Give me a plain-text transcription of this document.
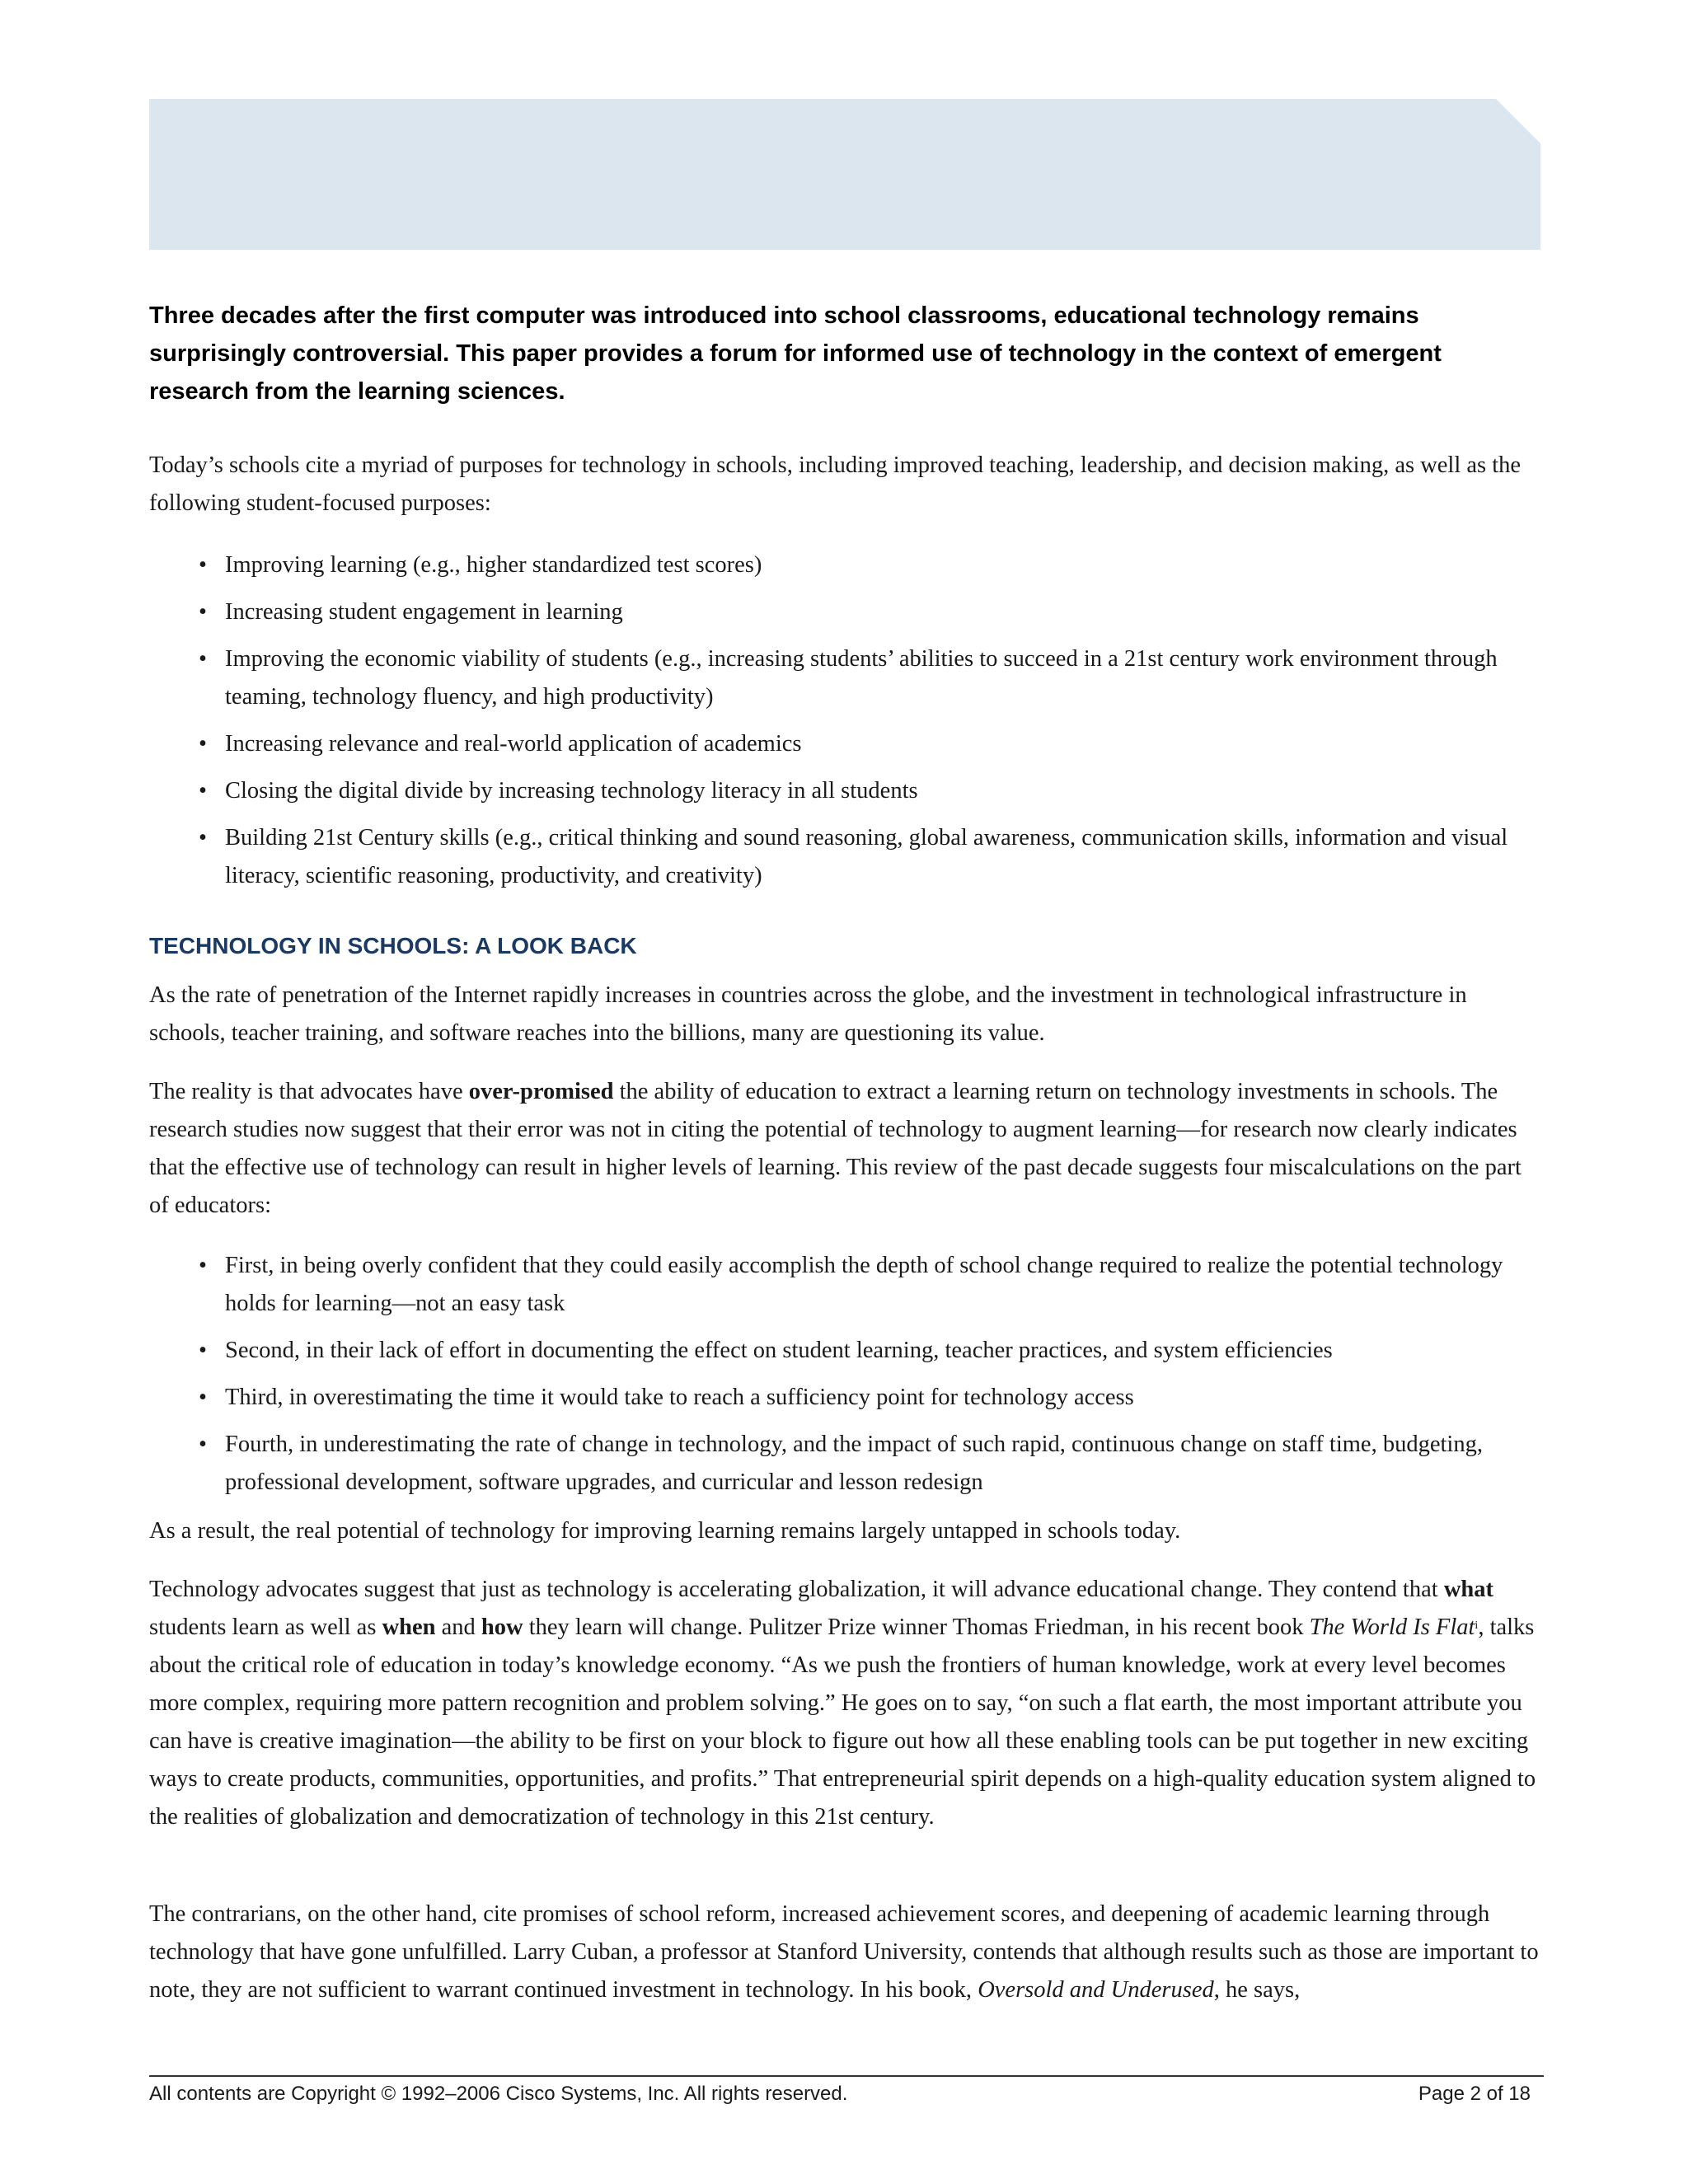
Three decades after the first computer was introduced into school classrooms, educational technology remains surprisingly controversial. This paper provides a forum for informed use of technology in the context of emergent research from the learning sciences.

Today’s schools cite a myriad of purposes for technology in schools, including improved teaching, leadership, and decision making, as well as the following student-focused purposes:

• Improving learning (e.g., higher standardized test scores)
• Increasing student engagement in learning
• Improving the economic viability of students (e.g., increasing students’ abilities to succeed in a 21st century work environment through teaming, technology fluency, and high productivity)
• Increasing relevance and real-world application of academics
• Closing the digital divide by increasing technology literacy in all students
• Building 21st Century skills (e.g., critical thinking and sound reasoning, global awareness, communication skills, information and visual literacy, scientific reasoning, productivity, and creativity)
TECHNOLOGY IN SCHOOLS: A LOOK BACK

As the rate of penetration of the Internet rapidly increases in countries across the globe, and the investment in technological infrastructure in schools, teacher training, and software reaches into the billions, many are questioning its value.

The reality is that advocates have over-promised the ability of education to extract a learning return on technology investments in schools. The research studies now suggest that their error was not in citing the potential of technology to augment learning—for research now clearly indicates that the effective use of technology can result in higher levels of learning. This review of the past decade suggests four miscalculations on the part of educators:

• First, in being overly confident that they could easily accomplish the depth of school change required to realize the potential technology holds for learning—not an easy task
• Second, in their lack of effort in documenting the effect on student learning, teacher practices, and system efficiencies
• Third, in overestimating the time it would take to reach a sufficiency point for technology access
• Fourth, in underestimating the rate of change in technology, and the impact of such rapid, continuous change on staff time, budgeting, professional development, software upgrades, and curricular and lesson redesign

As a result, the real potential of technology for improving learning remains largely untapped in schools today.

Technology advocates suggest that just as technology is accelerating globalization, it will advance educational change. They contend that what students learn as well as when and how they learn will change. Pulitzer Prize winner Thomas Friedman, in his recent book The World Is Flat$^i$, talks about the critical role of education in today’s knowledge economy. “As we push the frontiers of human knowledge, work at every level becomes more complex, requiring more pattern recognition and problem solving.” He goes on to say, “on such a flat earth, the most important attribute you can have is creative imagination—the ability to be first on your block to figure out how all these enabling tools can be put together in new exciting ways to create products, communities, opportunities, and profits.” That entrepreneurial spirit depends on a high-quality education system aligned to the realities of globalization and democratization of technology in this 21st century.

The contrarians, on the other hand, cite promises of school reform, increased achievement scores, and deepening of academic learning through technology that have gone unfulfilled. Larry Cuban, a professor at Stanford University, contends that although results such as those are important to note, they are not sufficient to warrant continued investment in technology. In his book, Oversold and Underused, he says,

All contents are Copyright © 1992–2006 Cisco Systems, Inc. All rights reserved.	Page 2 of 18
